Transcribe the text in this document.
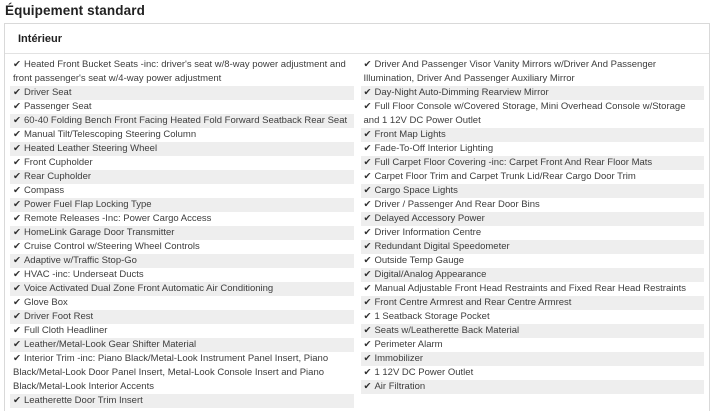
Équipement standard
Intérieur
✔ Heated Front Bucket Seats -inc: driver's seat w/8-way power adjustment and front passenger's seat w/4-way power adjustment
✔ Driver Seat
✔ Passenger Seat
✔ 60-40 Folding Bench Front Facing Heated Fold Forward Seatback Rear Seat
✔ Manual Tilt/Telescoping Steering Column
✔ Heated Leather Steering Wheel
✔ Front Cupholder
✔ Rear Cupholder
✔ Compass
✔ Power Fuel Flap Locking Type
✔ Remote Releases -Inc: Power Cargo Access
✔ HomeLink Garage Door Transmitter
✔ Cruise Control w/Steering Wheel Controls
✔ Adaptive w/Traffic Stop-Go
✔ HVAC -inc: Underseat Ducts
✔ Voice Activated Dual Zone Front Automatic Air Conditioning
✔ Glove Box
✔ Driver Foot Rest
✔ Full Cloth Headliner
✔ Leather/Metal-Look Gear Shifter Material
✔ Interior Trim -inc: Piano Black/Metal-Look Instrument Panel Insert, Piano Black/Metal-Look Door Panel Insert, Metal-Look Console Insert and Piano Black/Metal-Look Interior Accents
✔ Leatherette Door Trim Insert
✔ Driver And Passenger Visor Vanity Mirrors w/Driver And Passenger Illumination, Driver And Passenger Auxiliary Mirror
✔ Day-Night Auto-Dimming Rearview Mirror
✔ Full Floor Console w/Covered Storage, Mini Overhead Console w/Storage and 1 12V DC Power Outlet
✔ Front Map Lights
✔ Fade-To-Off Interior Lighting
✔ Full Carpet Floor Covering -inc: Carpet Front And Rear Floor Mats
✔ Carpet Floor Trim and Carpet Trunk Lid/Rear Cargo Door Trim
✔ Cargo Space Lights
✔ Driver / Passenger And Rear Door Bins
✔ Delayed Accessory Power
✔ Driver Information Centre
✔ Redundant Digital Speedometer
✔ Outside Temp Gauge
✔ Digital/Analog Appearance
✔ Manual Adjustable Front Head Restraints and Fixed Rear Head Restraints
✔ Front Centre Armrest and Rear Centre Armrest
✔ 1 Seatback Storage Pocket
✔ Seats w/Leatherette Back Material
✔ Perimeter Alarm
✔ Immobilizer
✔ 1 12V DC Power Outlet
✔ Air Filtration
